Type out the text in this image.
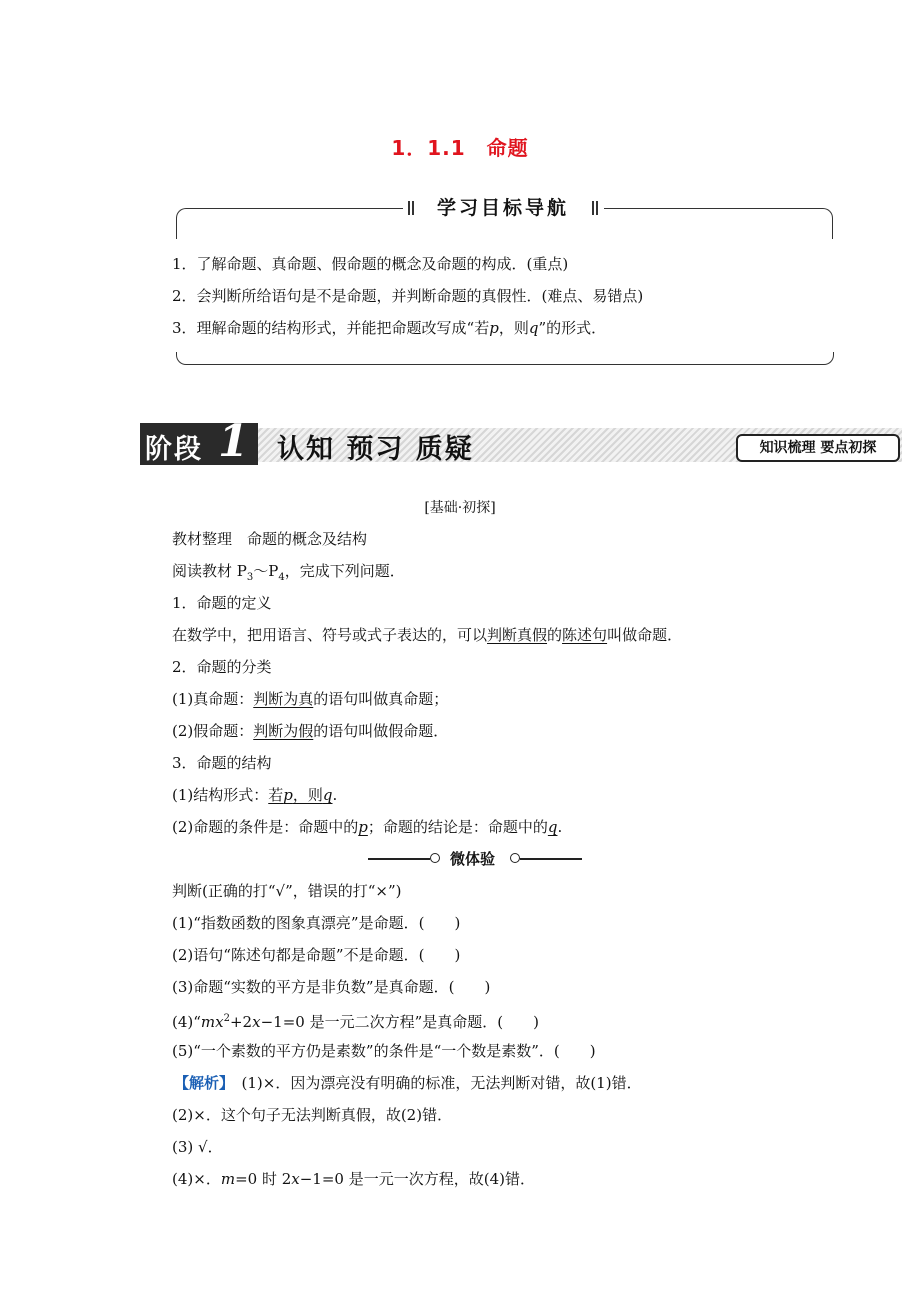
1．1.1　命题
学习目标导航
1．了解命题、真命题、假命题的概念及命题的构成．(重点)
2．会判断所给语句是不是命题，并判断命题的真假性．(难点、易错点)
3．理解命题的结构形式，并能把命题改写成“若p，则q”的形式．
阶段 1 认知 预习 质疑	知识梳理 要点初探
[基础·初探]
教材整理　命题的概念及结构
阅读教材 $P_3\sim P_4$，完成下列问题．
1．命题的定义
在数学中，把用语言、符号或式子表达的，可以判断真假的陈述句叫做命题．
2．命题的分类
(1)真命题：判断为真的语句叫做真命题；
(2)假命题：判断为假的语句叫做假命题．
3．命题的结构
(1)结构形式：若p，则q.
(2)命题的条件是：命题中的p；命题的结论是：命题中的q.
微体验
判断(正确的打“√”，错误的打“×”)
(1)“指数函数的图象真漂亮”是命题．(　　)
(2)语句“陈述句都是命题”不是命题．(　　)
(3)命题“实数的平方是非负数”是真命题．(　　)
$(4)“mx^2+2x-1=0$ 是一元二次方程”是真命题．(　　)
(5)“一个素数的平方仍是素数”的条件是“一个数是素数”．(　　)
【解析】　(1)×．因为漂亮没有明确的标准，无法判断对错，故(1)错．
(2)×．这个句子无法判断真假，故(2)错．
(3) √．
(4)×．m=0 时 2x−1=0 是一元一次方程，故(4)错．
